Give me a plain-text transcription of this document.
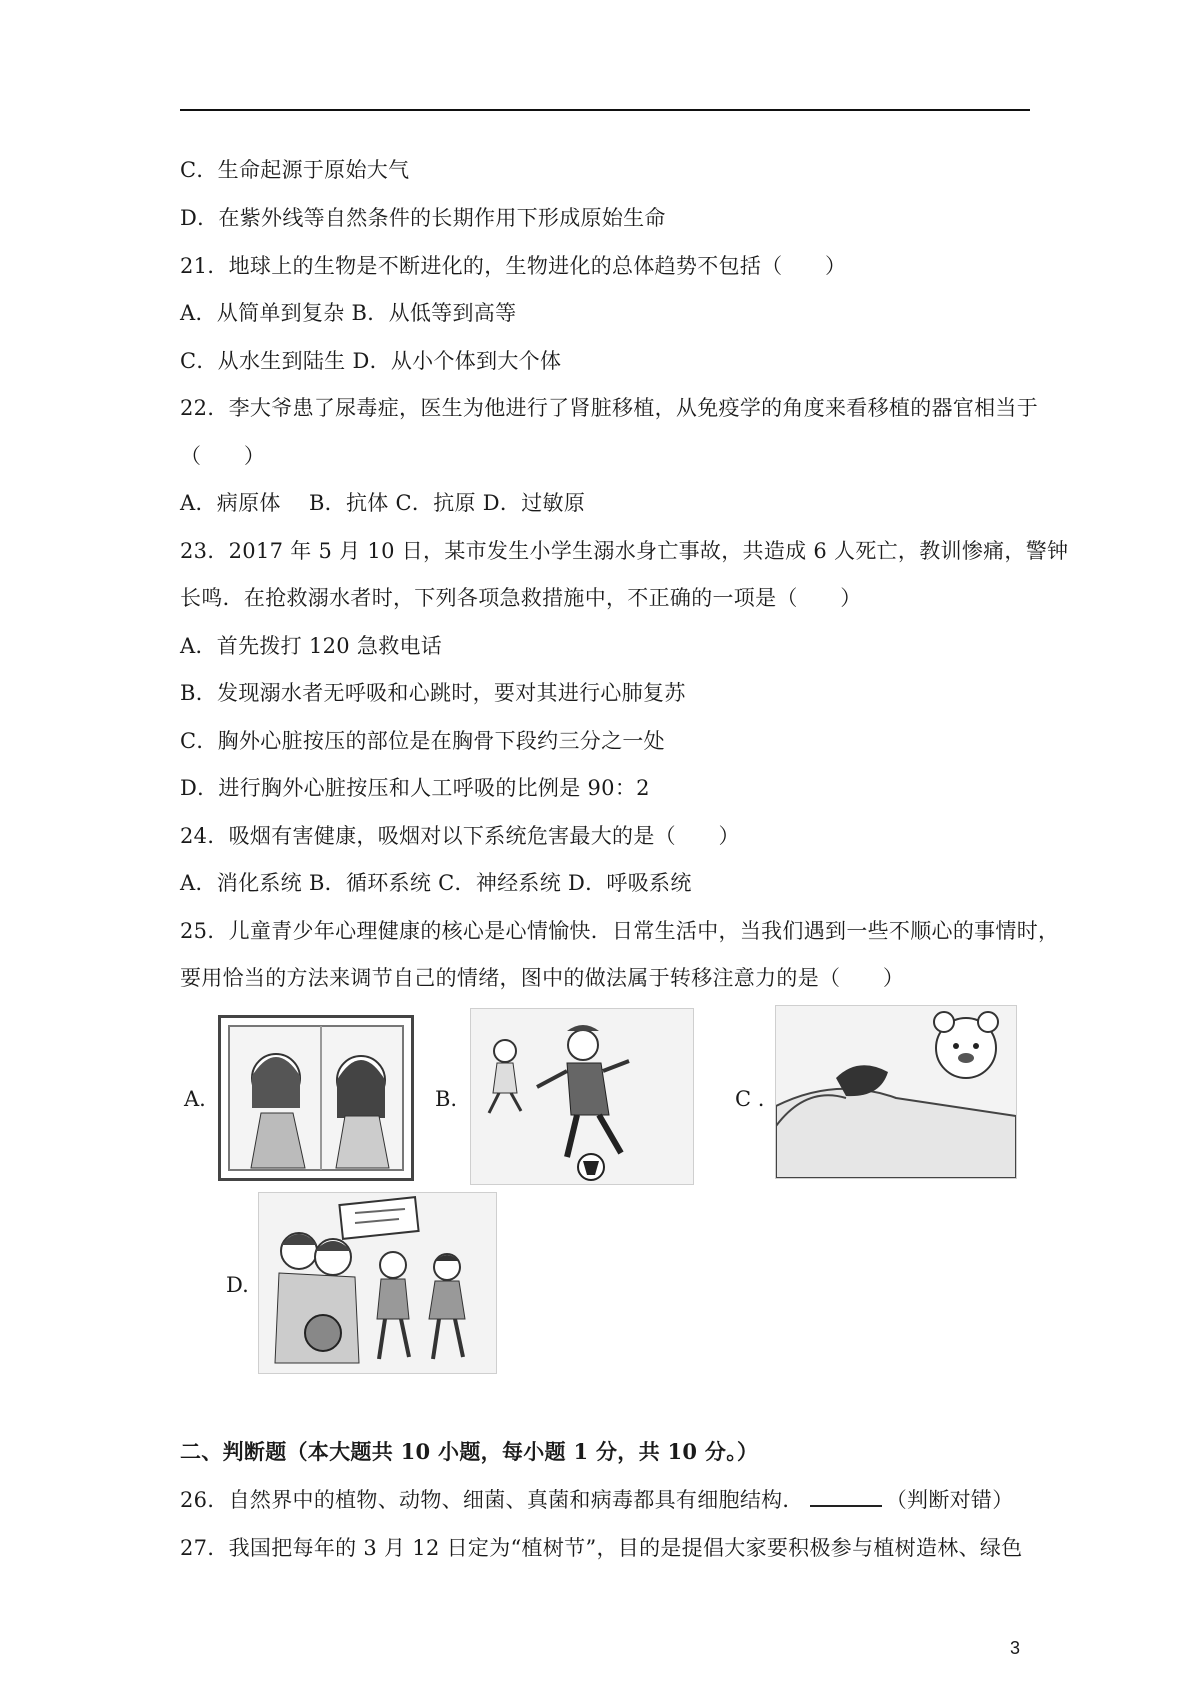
C．生命起源于原始大气
D．在紫外线等自然条件的长期作用下形成原始生命
21．地球上的生物是不断进化的，生物进化的总体趋势不包括（　　）
A．从简单到复杂 B．从低等到高等
C．从水生到陆生 D．从小个体到大个体
22．李大爷患了尿毒症，医生为他进行了肾脏移植，从免疫学的角度来看移植的器官相当于
（　　）
A．病原体　 B．抗体 C．抗原 D．过敏原
23．2017 年 5 月 10 日，某市发生小学生溺水身亡事故，共造成 6 人死亡，教训惨痛，警钟
长鸣．在抢救溺水者时，下列各项急救措施中，不正确的一项是（　　）
A．首先拨打 120 急救电话
B．发现溺水者无呼吸和心跳时，要对其进行心肺复苏
C．胸外心脏按压的部位是在胸骨下段约三分之一处
D．进行胸外心脏按压和人工呼吸的比例是 90：2
24．吸烟有害健康，吸烟对以下系统危害最大的是（　　）
A．消化系统 B．循环系统 C．神经系统 D．呼吸系统
25．儿童青少年心理健康的核心是心情愉快．日常生活中，当我们遇到一些不顺心的事情时，
要用恰当的方法来调节自己的情绪，图中的做法属于转移注意力的是（　　）
A.	B.	C .
D.
二、判断题（本大题共 10 小题，每小题 1 分，共 10 分。）
26．自然界中的植物、动物、细菌、真菌和病毒都具有细胞结构．	（判断对错）
27．我国把每年的 3 月 12 日定为“植树节”，目的是提倡大家要积极参与植树造林、绿色
3
